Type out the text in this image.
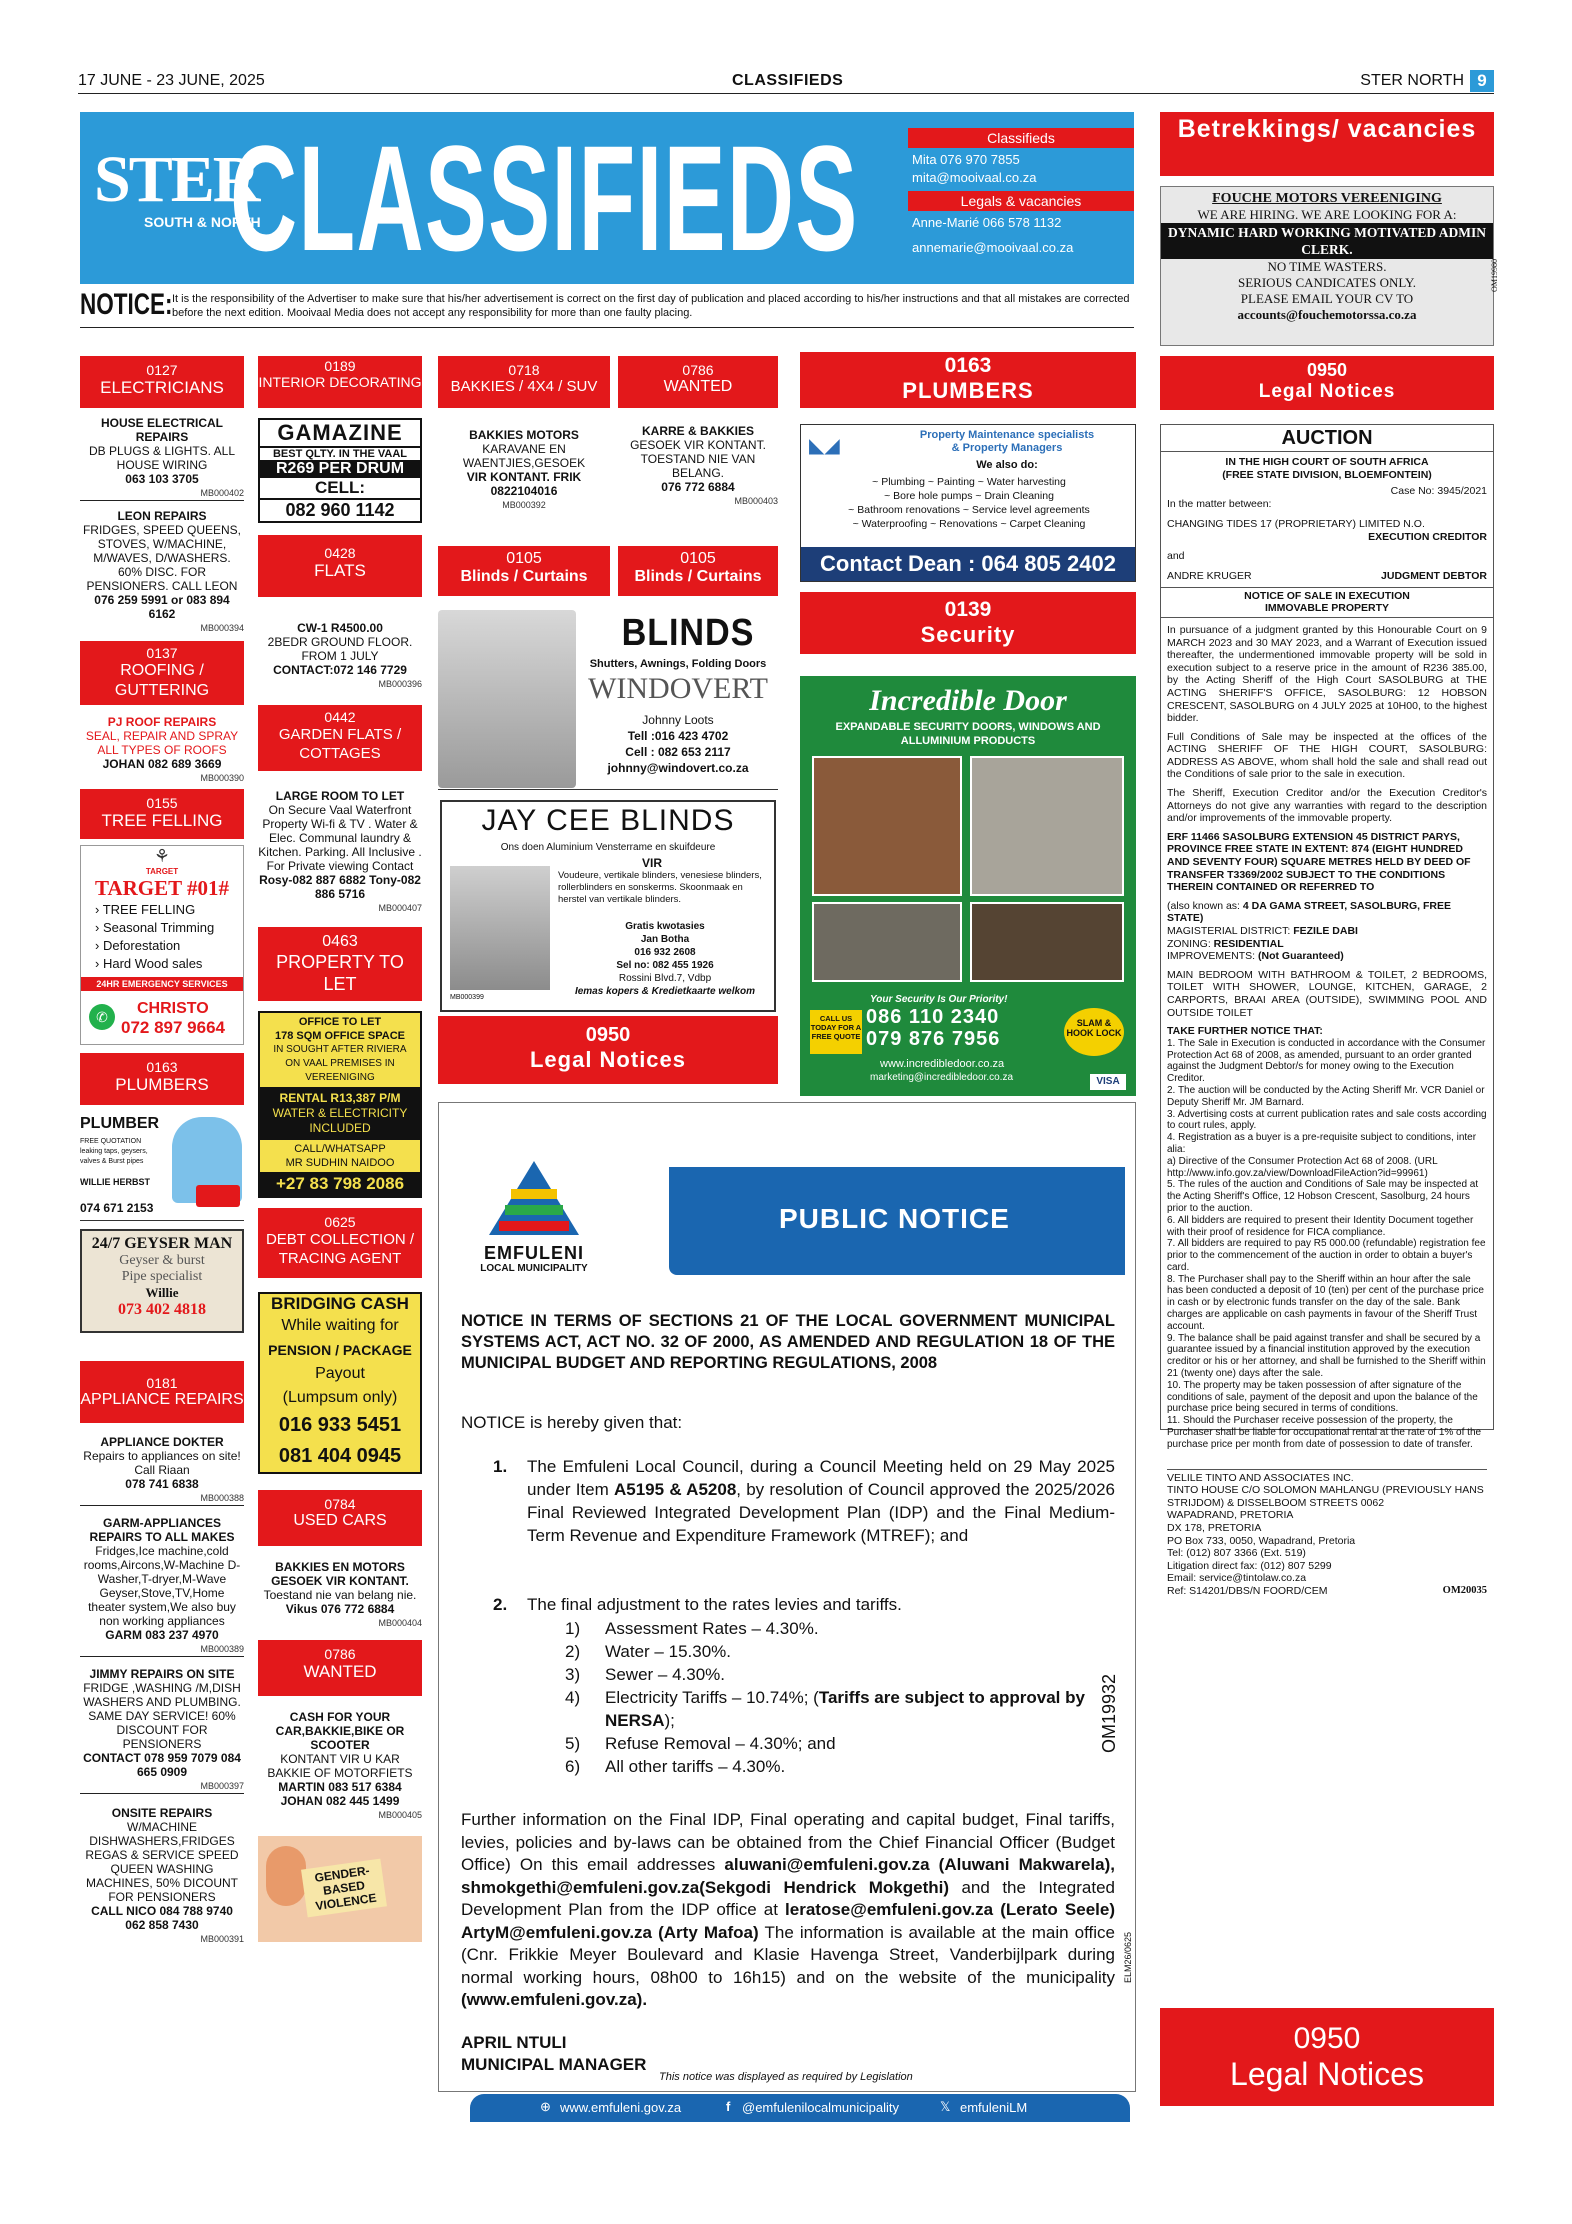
17 JUNE - 23 JUNE, 2025	CLASSIFIEDS	STER NORTH 9
STER
SOUTH & NORTH
CLASSIFIEDS	Classifieds
Mita 076 970 7855
mita@mooivaal.co.za
Legals & vacancies
Anne-Marié 066 578 1132
annemarie@mooivaal.co.za
NOTICE: It is the responsibility of the Advertiser to make sure that his/her advertisement is correct on the first day of publication and placed according to his/her instructions and that all mistakes are corrected before the next edition. Mooivaal Media does not accept any responsibility for more than one faulty placing.
0127
ELECTRICIANS
HOUSE ELECTRICAL REPAIRS
DB PLUGS & LIGHTS. ALL HOUSE WIRING
063 103 3705
MB000402
LEON REPAIRS
FRIDGES, SPEED QUEENS, STOVES, W/MACHINE, M/WAVES, D/WASHERS. 60% DISC. FOR PENSIONERS. CALL LEON
076 259 5991 or 083 894 6162
MB000394
0137
ROOFING / GUTTERING
PJ ROOF REPAIRS
SEAL, REPAIR AND SPRAY ALL TYPES OF ROOFS
JOHAN 082 689 3669
MB000390
0155
TREE FELLING
⚘
TARGET
TARGET #01#
› TREE FELLING
› Seasonal Trimming
› Deforestation
› Hard Wood sales
24HR EMERGENCY SERVICES
✆	CHRISTO
072 897 9664
0163
PLUMBERS
PLUMBER
FREE QUOTATION
leaking taps, geysers,
valves & Burst pipes
WILLIE HERBST
074 671 2153
24/7 GEYSER MAN
Geyser & burst
Pipe specialist
Willie
073 402 4818
0181
APPLIANCE REPAIRS
APPLIANCE DOKTER
Repairs to appliances on site! Call Riaan
078 741 6838
MB000388
GARM-APPLIANCES REPAIRS TO ALL MAKES
Fridges,Ice machine,cold rooms,Aircons,W-Machine D- Washer,T-dryer,M-Wave Geyser,Stove,TV,Home theater system,We also buy non working appliances
GARM 083 237 4970
MB000389
JIMMY REPAIRS ON SITE
FRIDGE ,WASHING /M,DISH WASHERS AND PLUMBING. SAME DAY SERVICE! 60% DISCOUNT FOR PENSIONERS
CONTACT 078 959 7079 084 665 0909
MB000397
ONSITE REPAIRS
W/MACHINE DISHWASHERS,FRIDGES REGAS & SERVICE SPEED QUEEN WASHING MACHINES, 50% DICOUNT FOR PENSIONERS
CALL NICO 084 788 9740 062 858 7430
MB000391
0189
INTERIOR DECORATING
GAMAZINE
BEST QLTY. IN THE VAAL
R269 PER DRUM
CELL:
082 960 1142
0428
FLATS
CW-1 R4500.00
2BEDR GROUND FLOOR. FROM 1 JULY
CONTACT:072 146 7729
MB000396
0442
GARDEN FLATS / COTTAGES
LARGE ROOM TO LET
On Secure Vaal Waterfront Property Wi-fi & TV . Water & Elec. Communal laundry & Kitchen. Parking. All Inclusive . For Private viewing Contact
Rosy-082 887 6882 Tony-082 886 5716
MB000407
0463
PROPERTY TO LET
OFFICE TO LET
178 SQM OFFICE SPACE
IN SOUGHT AFTER RIVIERA
ON VAAL PREMISES IN
VEREENIGING
RENTAL R13,387 P/M
WATER & ELECTRICITY INCLUDED
CALL/WHATSAPP
MR SUDHIN NAIDOO
+27 83 798 2086
0625
DEBT COLLECTION / TRACING AGENT
BRIDGING CASH
While waiting for
PENSION / PACKAGE
Payout
(Lumpsum only)
016 933 5451
081 404 0945
0784
USED CARS
BAKKIES EN MOTORS GESOEK VIR KONTANT.
Toestand nie van belang nie.
Vikus 076 772 6884
MB000404
0786
WANTED
CASH FOR YOUR CAR,BAKKIE,BIKE OR SCOOTER
KONTANT VIR U KAR BAKKIE OF MOTORFIETS
MARTIN 083 517 6384 JOHAN 082 445 1499
MB000405
GENDER-BASED VIOLENCE
0718
BAKKIES / 4X4 / SUV
BAKKIES MOTORS
KARAVANE EN WAENTJIES,GESOEK
VIR KONTANT. FRIK 0822104016
MB000392
0786
WANTED
KARRE & BAKKIES
GESOEK VIR KONTANT. TOESTAND NIE VAN BELANG.
076 772 6884
MB000403
0105
Blinds / Curtains
0105
Blinds / Curtains
BLINDS
Shutters, Awnings, Folding Doors
WINDOVERT
Johnny Loots
Tell :016 423 4702
Cell : 082 653 2117
johnny@windovert.co.za
JAY CEE BLINDS
Ons doen Aluminium Vensterrame en skuifdeure
VIR
Voudeure, vertikale blinders, venesiese blinders, rollerblinders en sonskerms. Skoonmaak en herstel van vertikale blinders.
Gratis kwotasies
Jan Botha
016 932 2608
Sel no: 082 455 1926
Rossini Blvd.7, Vdbp
Iemas kopers & Kredietkaarte welkom
MB000399
0950
Legal Notices
0163
PLUMBERS
◣◢	Property Maintenance specialists
& Property Managers
We also do:
~ Plumbing ~ Painting ~ Water harvesting
~ Bore hole pumps ~ Drain Cleaning
~ Bathroom renovations ~ Service level agreements
~ Waterproofing ~ Renovations ~ Carpet Cleaning
Contact Dean : 064 805 2402
0139
Security
Incredible Door
EXPANDABLE SECURITY DOORS, WINDOWS AND ALLUMINIUM PRODUCTS
Your Security Is Our Priority!
CALL US TODAY FOR A FREE QUOTE
086 110 2340
079 876 7956
SLAM & HOOK LOCK
www.incredibledoor.co.za
marketing@incredibledoor.co.za	VISA
EMFULENI
LOCAL MUNICIPALITY
PUBLIC NOTICE
NOTICE IN TERMS OF SECTIONS 21 OF THE LOCAL GOVERNMENT MUNICIPAL SYSTEMS ACT, ACT NO. 32 OF 2000, AS AMENDED AND REGULATION 18 OF THE MUNICIPAL BUDGET AND REPORTING REGULATIONS, 2008
NOTICE is hereby given that:
1. The Emfuleni Local Council, during a Council Meeting held on 29 May 2025 under Item A5195 & A5208, by resolution of Council approved the 2025/2026 Final Reviewed Integrated Development Plan (IDP) and the Final Medium-Term Revenue and Expenditure Framework (MTREF); and
2. The final adjustment to the rates levies and tariffs.
1)	Assessment Rates – 4.30%.
2)	Water – 15.30%.
3)	Sewer – 4.30%.
4)	Electricity Tariffs – 10.74%; (Tariffs are subject to approval by NERSA);
5)	Refuse Removal – 4.30%; and
6)	All other tariffs – 4.30%.
OM19932
ELM26/0625
Further information on the Final IDP, Final operating and capital budget, Final tariffs, levies, policies and by-laws can be obtained from the Chief Financial Officer (Budget Office) On this email addresses aluwani@emfuleni.gov.za (Aluwani Makwarela), shmokgethi@emfuleni.gov.za(Sekgodi Hendrick Mokgethi) and the Integrated Development Plan from the IDP office at leratose@emfuleni.gov.za (Lerato Seele) ArtyM@emfuleni.gov.za (Arty Mafoa) The information is available at the main office (Cnr. Frikkie Meyer Boulevard and Klasie Havenga Street, Vanderbijlpark during normal working hours, 08h00 to 16h15) and on the website of the municipality (www.emfuleni.gov.za).
APRIL NTULI
MUNICIPAL MANAGER
This notice was displayed as required by Legislation
⊕ www.emfuleni.gov.za	f @emfulenilocalmunicipality	𝕏 emfuleniLM
Betrekkings/ vacancies
FOUCHE MOTORS VEREENIGING
WE ARE HIRING. WE ARE LOOKING FOR A:
DYNAMIC HARD WORKING MOTIVATED ADMIN CLERK.
NO TIME WASTERS.
SERIOUS CANDICATES ONLY.
PLEASE EMAIL YOUR CV TO
accounts@fouchemotorssa.co.za
OM19980
0950
Legal Notices
AUCTION
IN THE HIGH COURT OF SOUTH AFRICA
(FREE STATE DIVISION, BLOEMFONTEIN)
Case No: 3945/2021
In the matter between:
CHANGING TIDES 17 (PROPRIETARY) LIMITED N.O.
EXECUTION CREDITOR
and
ANDRE KRUGER	JUDGMENT DEBTOR
NOTICE OF SALE IN EXECUTION IMMOVABLE PROPERTY
In pursuance of a judgment granted by this Honourable Court on 9 MARCH 2023 and 30 MAY 2023, and a Warrant of Execution issued thereafter, the undermentioned immovable property will be sold in execution subject to a reserve price in the amount of R236 385.00, by the Acting Sheriff of the High Court SASOLBURG at THE ACTING SHERIFF'S OFFICE, SASOLBURG: 12 HOBSON CRESCENT, SASOLBURG on 4 JULY 2025 at 10H00, to the highest bidder.
Full Conditions of Sale may be inspected at the offices of the ACTING SHERIFF OF THE HIGH COURT, SASOLBURG: ADDRESS AS ABOVE, whom shall hold the sale and shall read out the Conditions of sale prior to the sale in execution.
The Sheriff, Execution Creditor and/or the Execution Creditor's Attorneys do not give any warranties with regard to the description and/or improvements of the immovable property.
ERF 11466 SASOLBURG EXTENSION 45 DISTRICT PARYS, PROVINCE FREE STATE IN EXTENT: 874 (EIGHT HUNDRED AND SEVENTY FOUR) SQUARE METRES HELD BY DEED OF TRANSFER T3369/2002 SUBJECT TO THE CONDITIONS THEREIN CONTAINED OR REFERRED TO
(also known as: 4 DA GAMA STREET, SASOLBURG, FREE STATE)
MAGISTERIAL DISTRICT: FEZILE DABI
ZONING: RESIDENTIAL
IMPROVEMENTS: (Not Guaranteed)
MAIN BEDROOM WITH BATHROOM & TOILET, 2 BEDROOMS, TOILET WITH SHOWER, LOUNGE, KITCHEN, GARAGE, 2 CARPORTS, BRAAI AREA (OUTSIDE), SWIMMING POOL AND OUTSIDE TOILET
TAKE FURTHER NOTICE THAT:
1. The Sale in Execution is conducted in accordance with the Consumer Protection Act 68 of 2008, as amended, pursuant to an order granted against the Judgment Debtor/s for money owing to the Execution Creditor.
2. The auction will be conducted by the Acting Sheriff Mr. VCR Daniel or Deputy Sheriff Mr. JM Barnard.
3. Advertising costs at current publication rates and sale costs according to court rules, apply.
4. Registration as a buyer is a pre-requisite subject to conditions, inter alia:
a) Directive of the Consumer Protection Act 68 of 2008. (URL http://www.info.gov.za/view/DownloadFileAction?id=99961)
5. The rules of the auction and Conditions of Sale may be inspected at the Acting Sheriff's Office, 12 Hobson Crescent, Sasolburg, 24 hours prior to the auction.
6. All bidders are required to present their Identity Document together with their proof of residence for FICA compliance.
7. All bidders are required to pay R5 000.00 (refundable) registration fee prior to the commencement of the auction in order to obtain a buyer's card.
8. The Purchaser shall pay to the Sheriff within an hour after the sale has been conducted a deposit of 10 (ten) per cent of the purchase price in cash or by electronic funds transfer on the day of the sale. Bank charges are applicable on cash payments in favour of the Sheriff Trust account.
9. The balance shall be paid against transfer and shall be secured by a guarantee issued by a financial institution approved by the execution creditor or his or her attorney, and shall be furnished to the Sheriff within 21 (twenty one) days after the sale.
10. The property may be taken possession of after signature of the conditions of sale, payment of the deposit and upon the balance of the purchase price being secured in terms of conditions.
11. Should the Purchaser receive possession of the property, the Purchaser shall be liable for occupational rental at the rate of 1% of the purchase price per month from date of possession to date of transfer.
VELILE TINTO AND ASSOCIATES INC.
TINTO HOUSE C/O SOLOMON MAHLANGU (PREVIOUSLY HANS STRIJDOM) & DISSELBOOM STREETS 0062
WAPADRAND, PRETORIA
DX 178, PRETORIA
PO Box 733, 0050, Wapadrand, Pretoria
Tel: (012) 807 3366 (Ext. 519)
Litigation direct fax: (012) 807 5299
Email: service@tintolaw.co.za
Ref: S14201/DBS/N FOORD/CEM	OM20035
0950
Legal Notices
